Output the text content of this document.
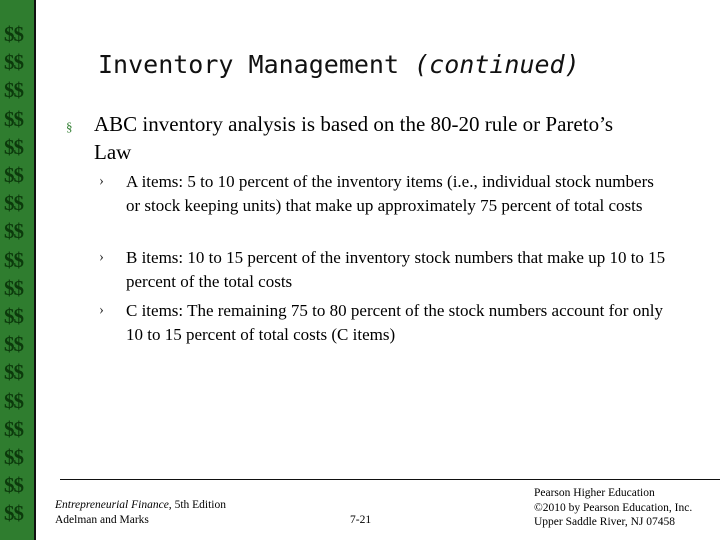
$$
$$
$$
$$
$$
$$
$$
$$
$$
$$
$$
$$
$$
$$
$$
$$
$$
$$
Inventory Management (continued)
§ ABC inventory analysis is based on the 80-20 rule or Pareto’s Law
› A items: 5 to 10 percent of the inventory items (i.e., individual stock numbers or stock keeping units) that make up approximately 75 percent of total costs
› B items: 10 to 15 percent of the inventory stock numbers that make up 10 to 15 percent of the total costs
› C items: The remaining 75 to 80 percent of the stock numbers account for only 10 to 15 percent of total costs (C items)
Entrepreneurial Finance, 5th Edition
Adelman and Marks	7-21
Pearson Higher Education
©2010 by Pearson Education, Inc.
Upper Saddle River, NJ 07458
